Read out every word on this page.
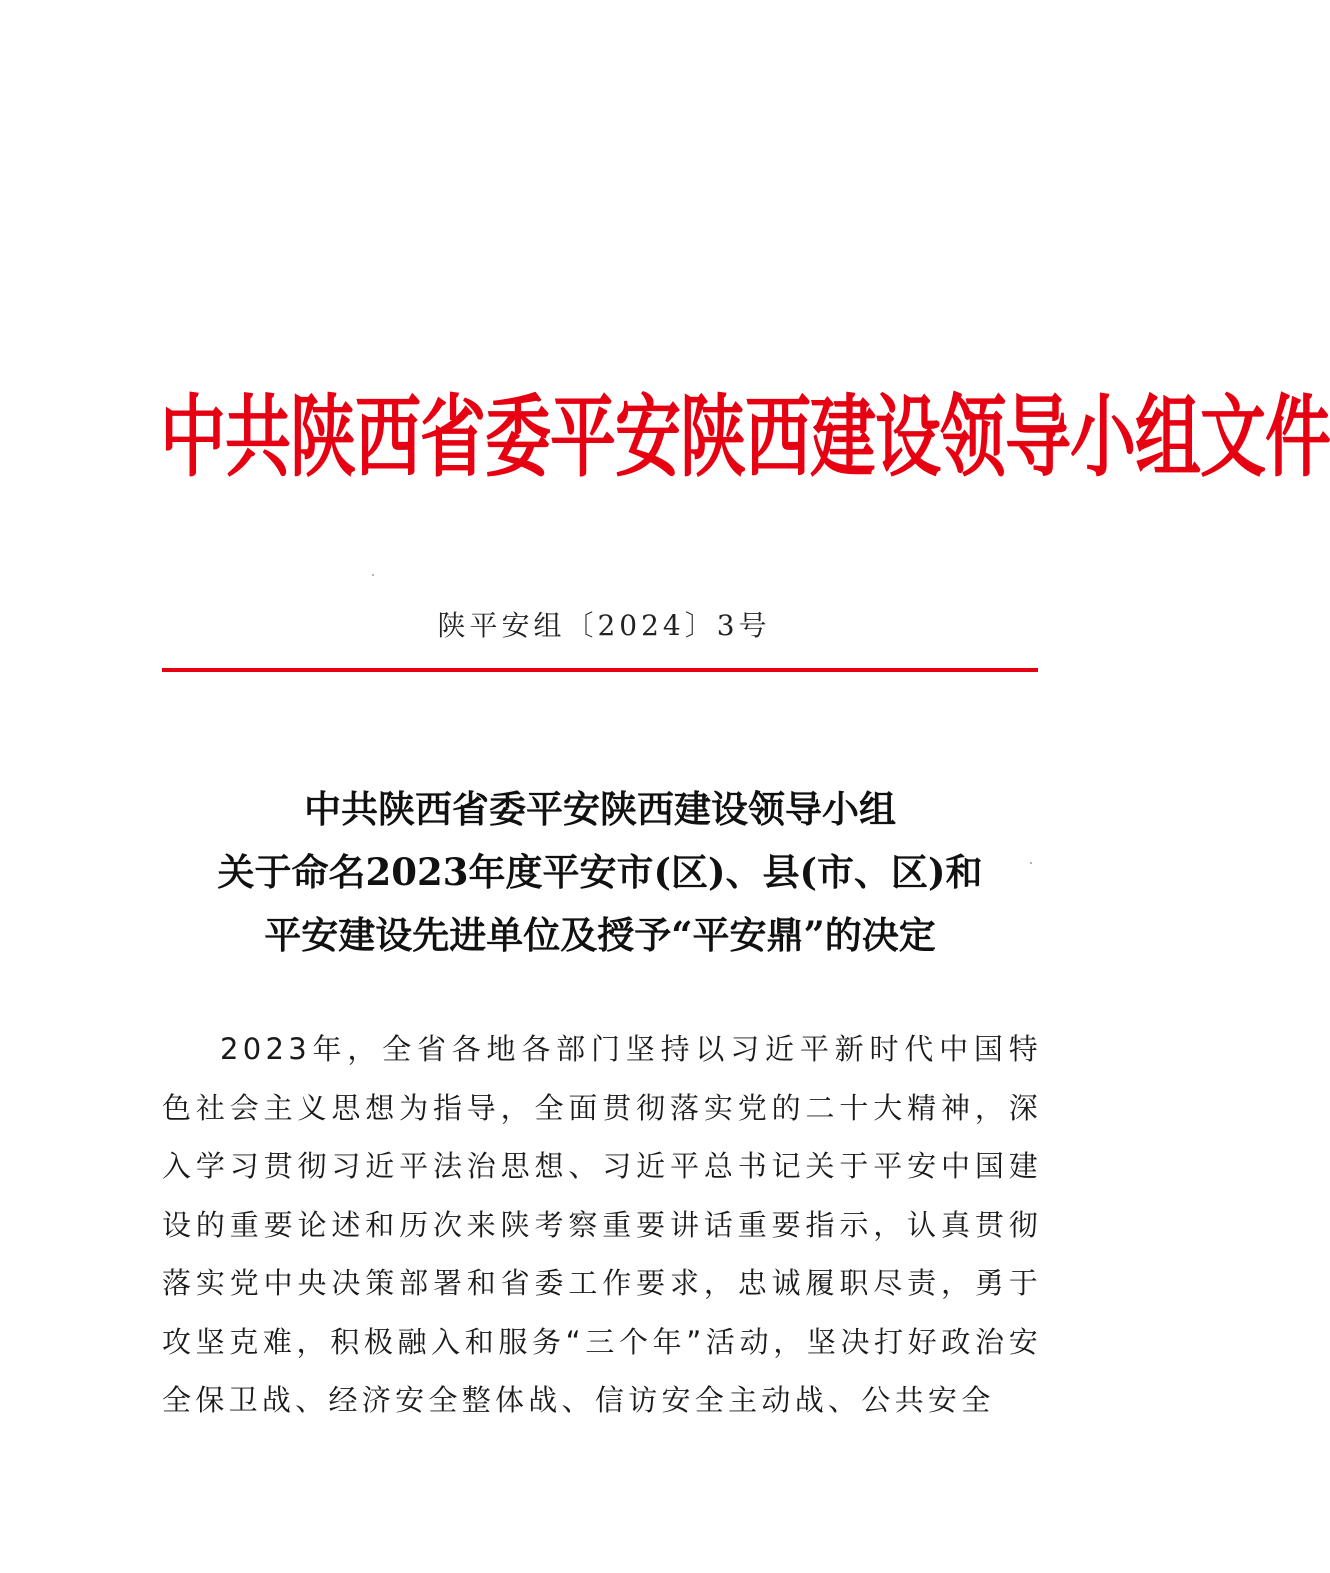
中共陕西省委平安陕西建设领导小组文件
陕平安组〔2024〕3号
中共陕西省委平安陕西建设领导小组
关于命名2023年度平安市(区)、县(市、区)和
平安建设先进单位及授予“平安鼎”的决定

2023年，全省各地各部门坚持以习近平新时代中国特色社会主义思想为指导，全面贯彻落实党的二十大精神，深入学习贯彻习近平法治思想、习近平总书记关于平安中国建设的重要论述和历次来陕考察重要讲话重要指示，认真贯彻落实党中央决策部署和省委工作要求，忠诚履职尽责，勇于攻坚克难，积极融入和服务“三个年”活动，坚决打好政治安全保卫战、经济安全整体战、信访安全主动战、公共安全
